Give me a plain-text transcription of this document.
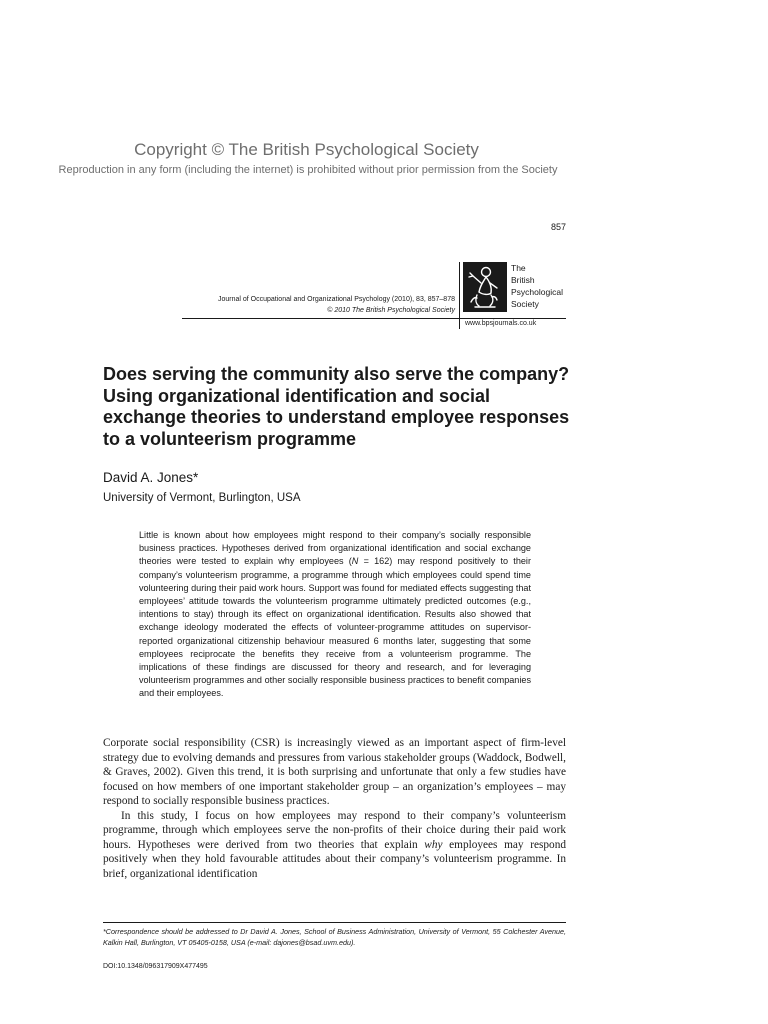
Copyright © The British Psychological Society
Reproduction in any form (including the internet) is prohibited without prior permission from the Society
857
Journal of Occupational and Organizational Psychology (2010), 83, 857–878
© 2010 The British Psychological Society
The
British
Psychological
Society
www.bpsjournals.co.uk
Does serving the community also serve the company? Using organizational identification and social exchange theories to understand employee responses to a volunteerism programme
David A. Jones*
University of Vermont, Burlington, USA

Little is known about how employees might respond to their company’s socially responsible business practices. Hypotheses derived from organizational identification and social exchange theories were tested to explain why employees (N = 162) may respond positively to their company’s volunteerism programme, a programme through which employees could spend time volunteering during their paid work hours. Support was found for mediated effects suggesting that employees’ attitude towards the volunteerism programme ultimately predicted outcomes (e.g., intentions to stay) through its effect on organizational identification. Results also showed that exchange ideology moderated the effects of volunteer-programme attitudes on supervisor-reported organizational citizenship behaviour measured 6 months later, suggesting that some employees reciprocate the benefits they receive from a volunteerism programme. The implications of these findings are discussed for theory and research, and for leveraging volunteerism programmes and other socially responsible business practices to benefit companies and their employees.

Corporate social responsibility (CSR) is increasingly viewed as an important aspect of firm-level strategy due to evolving demands and pressures from various stakeholder groups (Waddock, Bodwell, & Graves, 2002). Given this trend, it is both surprising and unfortunate that only a few studies have focused on how members of one important stakeholder group – an organization’s employees – may respond to socially responsible business practices.

In this study, I focus on how employees may respond to their company’s volunteerism programme, through which employees serve the non-profits of their choice during their paid work hours. Hypotheses were derived from two theories that explain why employees may respond positively when they hold favourable attitudes about their company’s volunteerism programme. In brief, organizational identification

*Correspondence should be addressed to Dr David A. Jones, School of Business Administration, University of Vermont, 55 Colchester Avenue, Kalkin Hall, Burlington, VT 05405-0158, USA (e-mail: dajones@bsad.uvm.edu).
DOI:10.1348/096317909X477495
